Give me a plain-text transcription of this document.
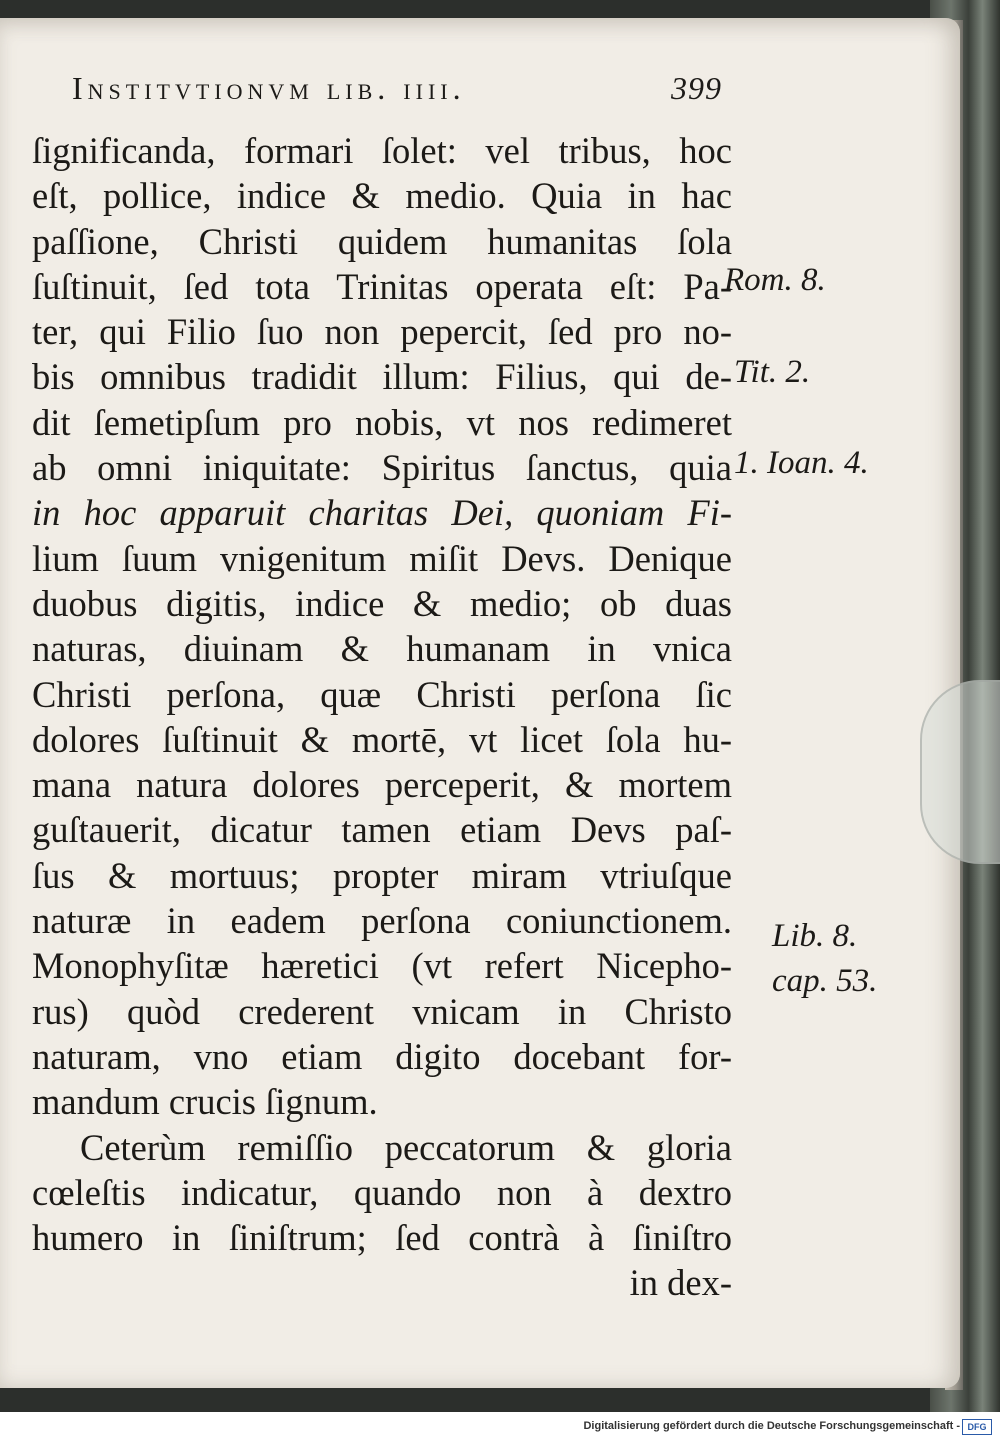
Institvtionvm lib. iiii.	399
ſignificanda, formari ſolet: vel tribus, hoc
eſt, pollice, indice & medio. Quia in hac
paſſione, Christi quidem humanitas ſola
ſuſtinuit, ſed tota Trinitas operata eſt: Pa-
ter, qui Filio ſuo non pepercit, ſed pro no-
bis omnibus tradidit illum: Filius, qui de-
dit ſemetipſum pro nobis, vt nos redimeret
ab omni iniquitate: Spiritus ſanctus, quia
in hoc apparuit charitas Dei, quoniam Fi-
lium ſuum vnigenitum miſit Devs. Denique
duobus digitis, indice & medio; ob duas
naturas, diuinam & humanam in vnica
Christi perſona, quæ Christi perſona ſic
dolores ſuſtinuit & mortē, vt licet ſola hu-
mana natura dolores perceperit, & mortem
guſtauerit, dicatur tamen etiam Devs paſ-
ſus & mortuus; propter miram vtriuſque
naturæ in eadem perſona coniunctionem.
Monophyſitæ hæretici (vt refert Nicepho-
rus) quòd crederent vnicam in Christo
naturam, vno etiam digito docebant for-
mandum crucis ſignum.
Ceterùm remiſſio peccatorum & gloria
cœleſtis indicatur, quando non à dextro
humero in ſiniſtrum; ſed contrà à ſiniſtro
in dex-
Rom. 8.
Tit. 2.
1. Ioan. 4.
Lib. 8.
cap. 53.
Digitalisierung gefördert durch die Deutsche Forschungsgemeinschaft - DFG
